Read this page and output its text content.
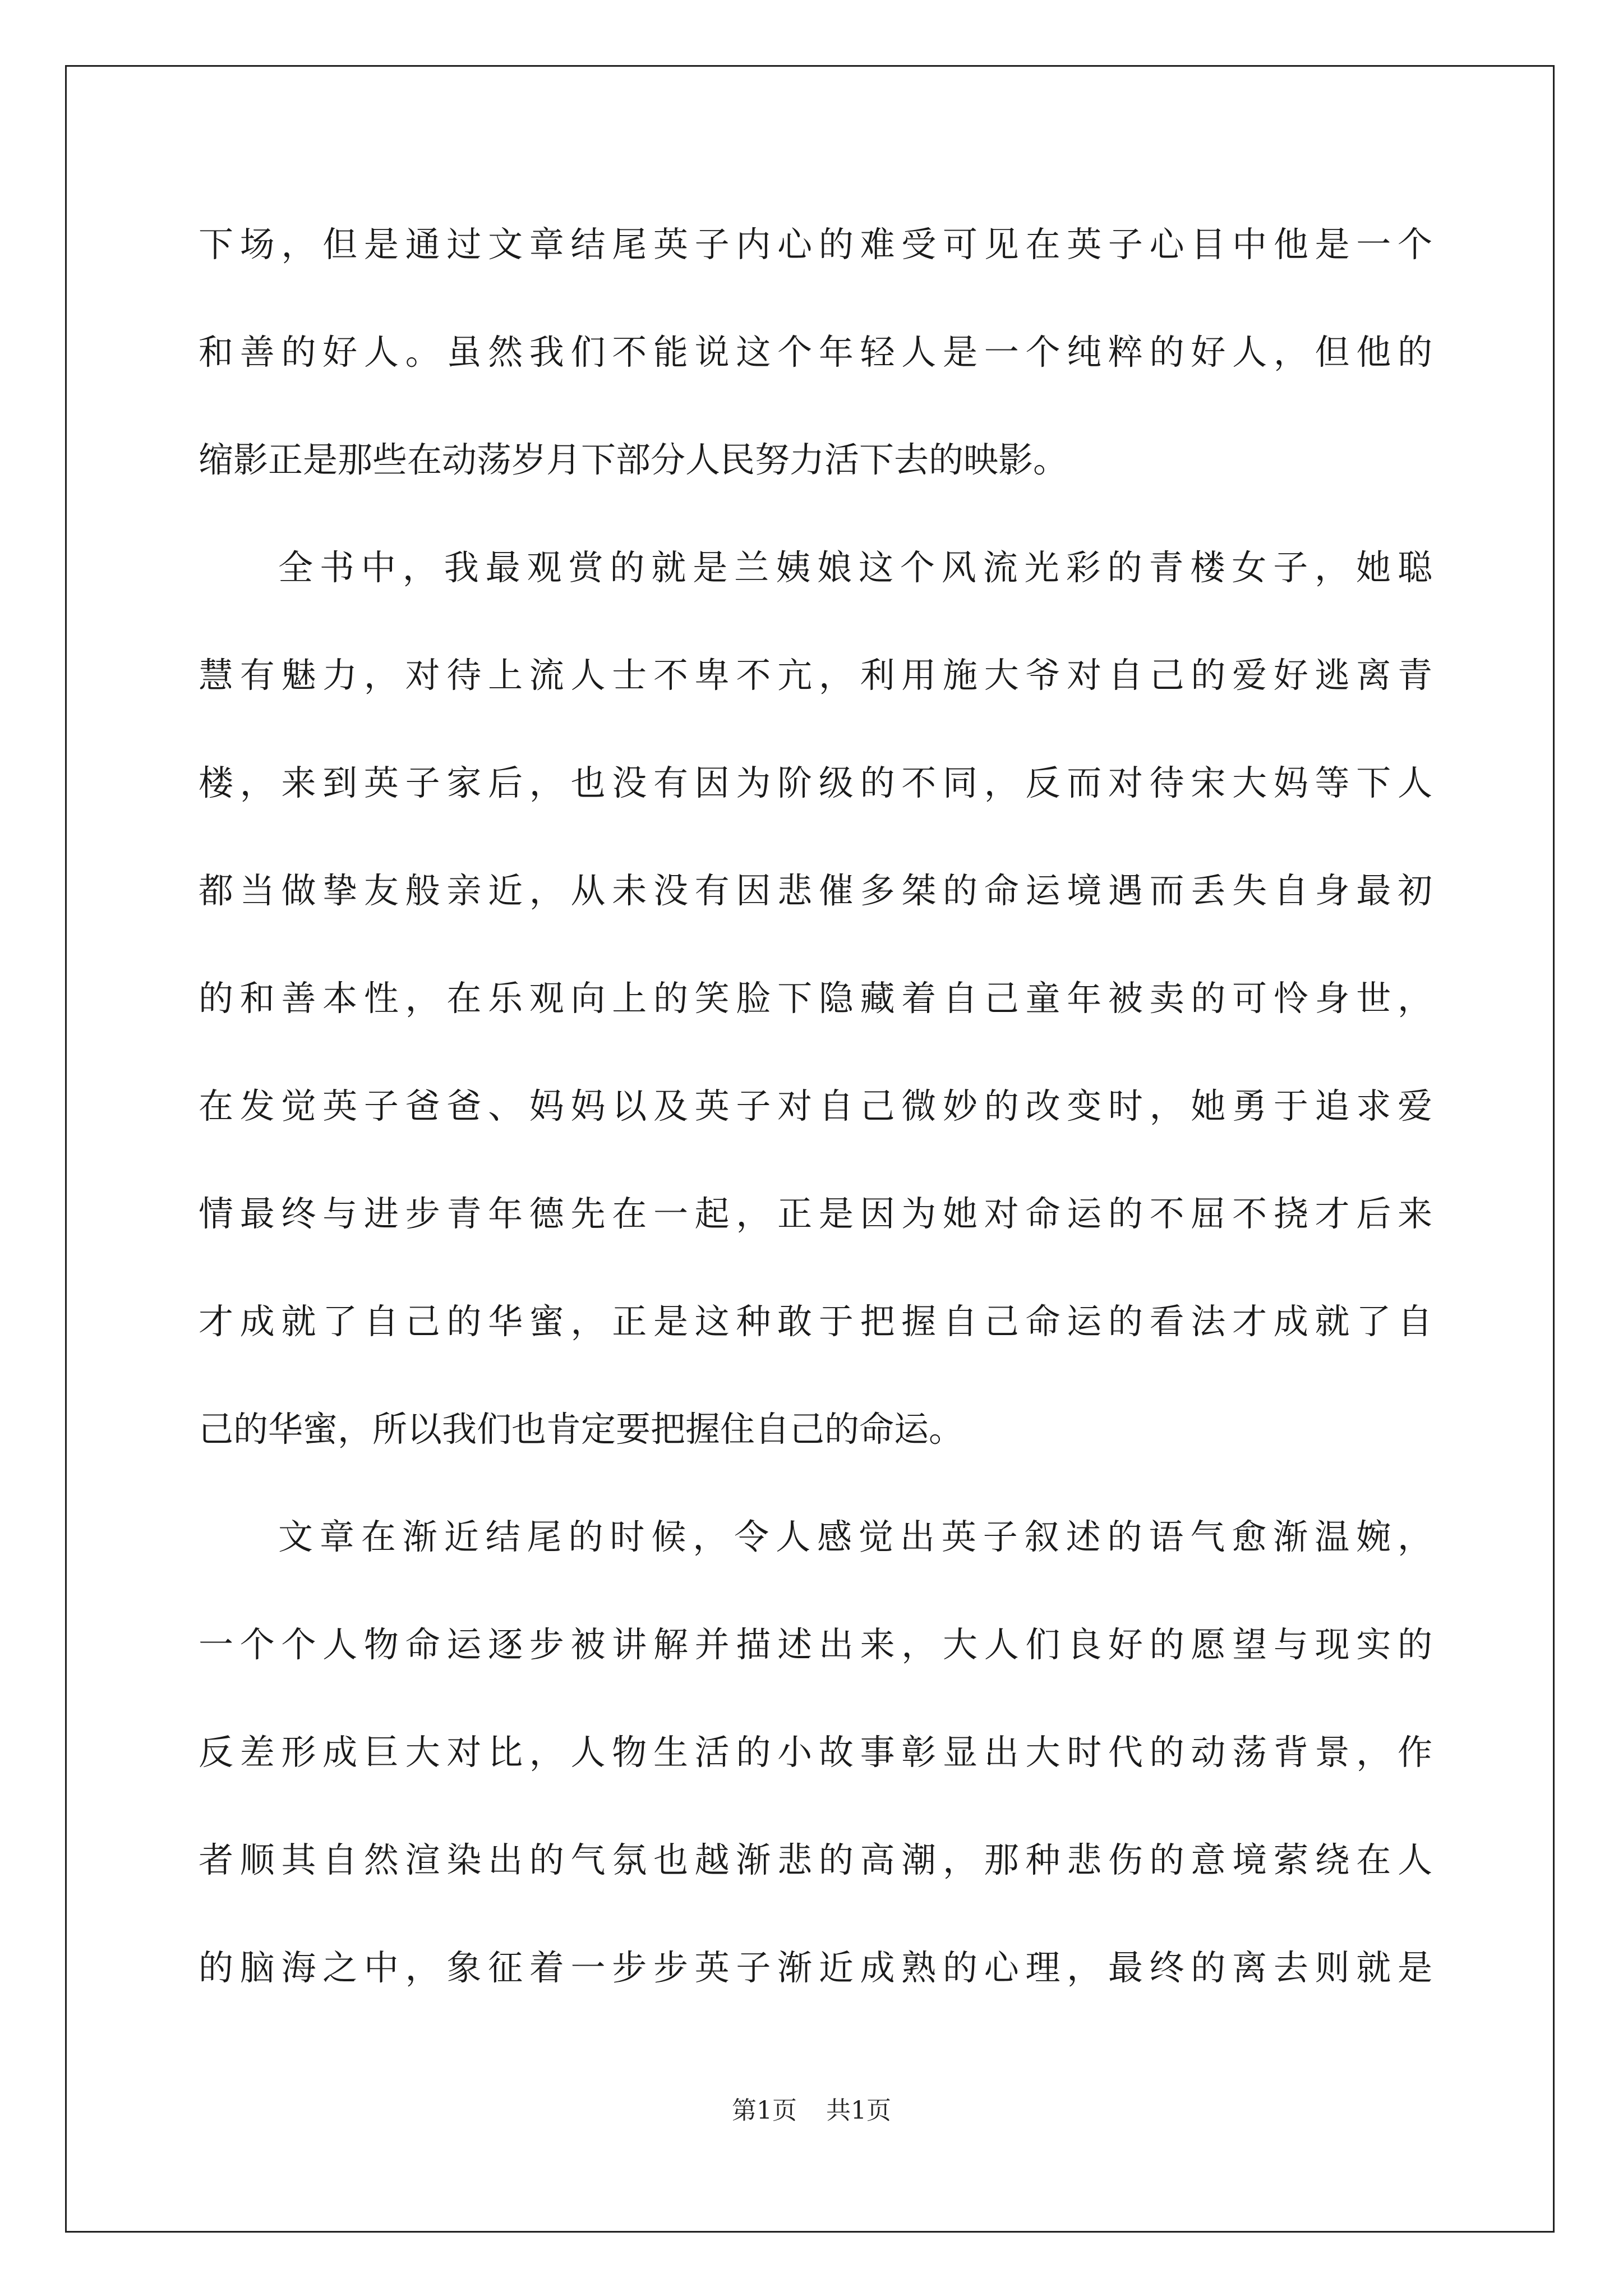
下场，但是通过文章结尾英子内心的难受可见在英子心目中他是一个
和善的好人。虽然我们不能说这个年轻人是一个纯粹的好人，但他的
缩影正是那些在动荡岁月下部分人民努力活下去的映影。
全书中，我最观赏的就是兰姨娘这个风流光彩的青楼女子，她聪
慧有魅力，对待上流人士不卑不亢，利用施大爷对自己的爱好逃离青
楼，来到英子家后，也没有因为阶级的不同，反而对待宋大妈等下人
都当做挚友般亲近，从未没有因悲催多桀的命运境遇而丢失自身最初
的和善本性，在乐观向上的笑脸下隐藏着自己童年被卖的可怜身世，
在发觉英子爸爸、妈妈以及英子对自己微妙的改变时，她勇于追求爱
情最终与进步青年德先在一起，正是因为她对命运的不屈不挠才后来
才成就了自己的华蜜，正是这种敢于把握自己命运的看法才成就了自
己的华蜜，所以我们也肯定要把握住自己的命运。
文章在渐近结尾的时候，令人感觉出英子叙述的语气愈渐温婉，
一个个人物命运逐步被讲解并描述出来，大人们良好的愿望与现实的
反差形成巨大对比，人物生活的小故事彰显出大时代的动荡背景，作
者顺其自然渲染出的气氛也越渐悲的高潮，那种悲伤的意境萦绕在人
的脑海之中，象征着一步步英子渐近成熟的心理，最终的离去则就是
第1页 共1页
